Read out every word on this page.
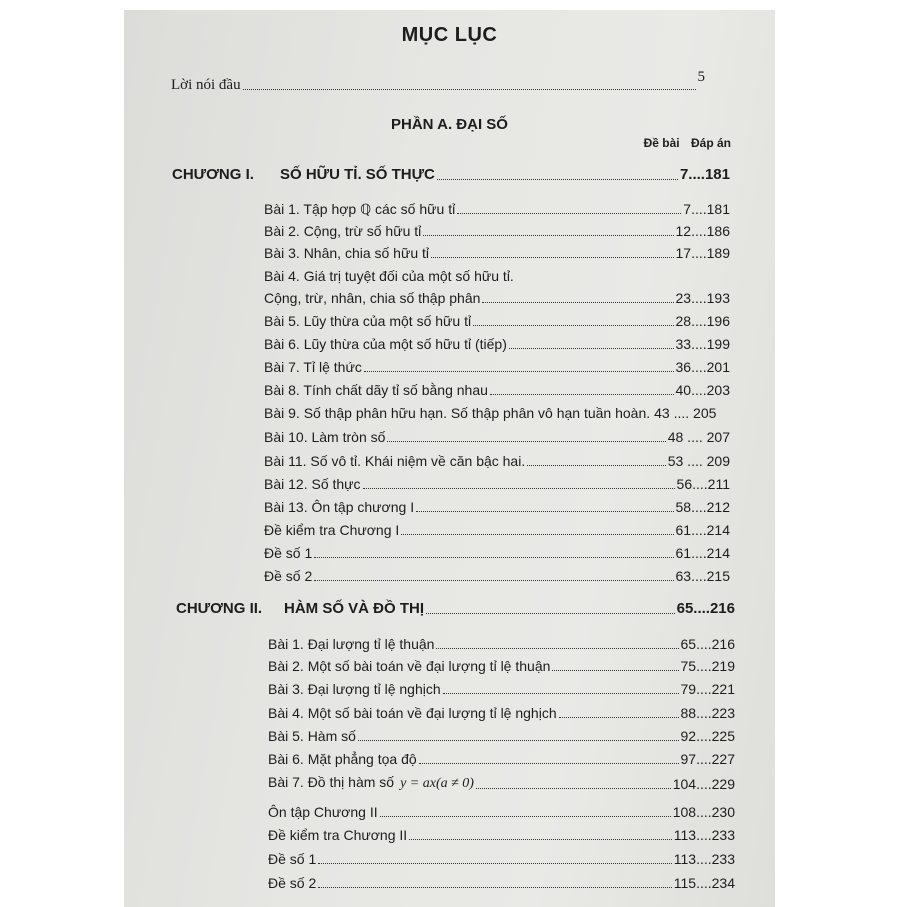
MỤC LỤC
Lời nói đầu	5
PHẦN A. ĐẠI SỐ
Đề bài Đáp án
CHƯƠNG I. SỐ HỮU TỈ. SỐ THỰC	7....181
Bài 1. Tập hợp ℚ các số hữu tỉ	7....181
Bài 2. Cộng, trừ số hữu tỉ	12....186
Bài 3. Nhân, chia số hữu tỉ	17....189
Bài 4. Giá trị tuyệt đối của một số hữu tỉ.
Cộng, trừ, nhân, chia số thập phân	23....193
Bài 5. Lũy thừa của một số hữu tỉ	28....196
Bài 6. Lũy thừa của một số hữu tỉ (tiếp)	33....199
Bài 7. Tỉ lệ thức	36....201
Bài 8. Tính chất dãy tỉ số bằng nhau	40....203
Bài 9. Số thập phân hữu hạn. Số thập phân vô hạn tuần hoàn. 43 .... 205
Bài 10. Làm tròn số	48 .... 207
Bài 11. Số vô tỉ. Khái niệm về căn bậc hai.	53 .... 209
Bài 12. Số thực	56....211
Bài 13. Ôn tập chương I	58....212
Đề kiểm tra Chương I	61....214
Đề số 1	61....214
Đề số 2	63....215
CHƯƠNG II. HÀM SỐ VÀ ĐỒ THỊ	65....216
Bài 1. Đại lượng tỉ lệ thuận	65....216
Bài 2. Một số bài toán về đại lượng tỉ lệ thuận	75....219
Bài 3. Đại lượng tỉ lệ nghịch	79....221
Bài 4. Một số bài toán về đại lượng tỉ lệ nghịch	88....223
Bài 5. Hàm số	92....225
Bài 6. Mặt phẳng tọa độ	97....227
Bài 7. Đồ thị hàm số y = ax(a ≠ 0)	104....229
Ôn tập Chương II	108....230
Đề kiểm tra Chương II	113....233
Đề số 1	113....233
Đề số 2	115....234
